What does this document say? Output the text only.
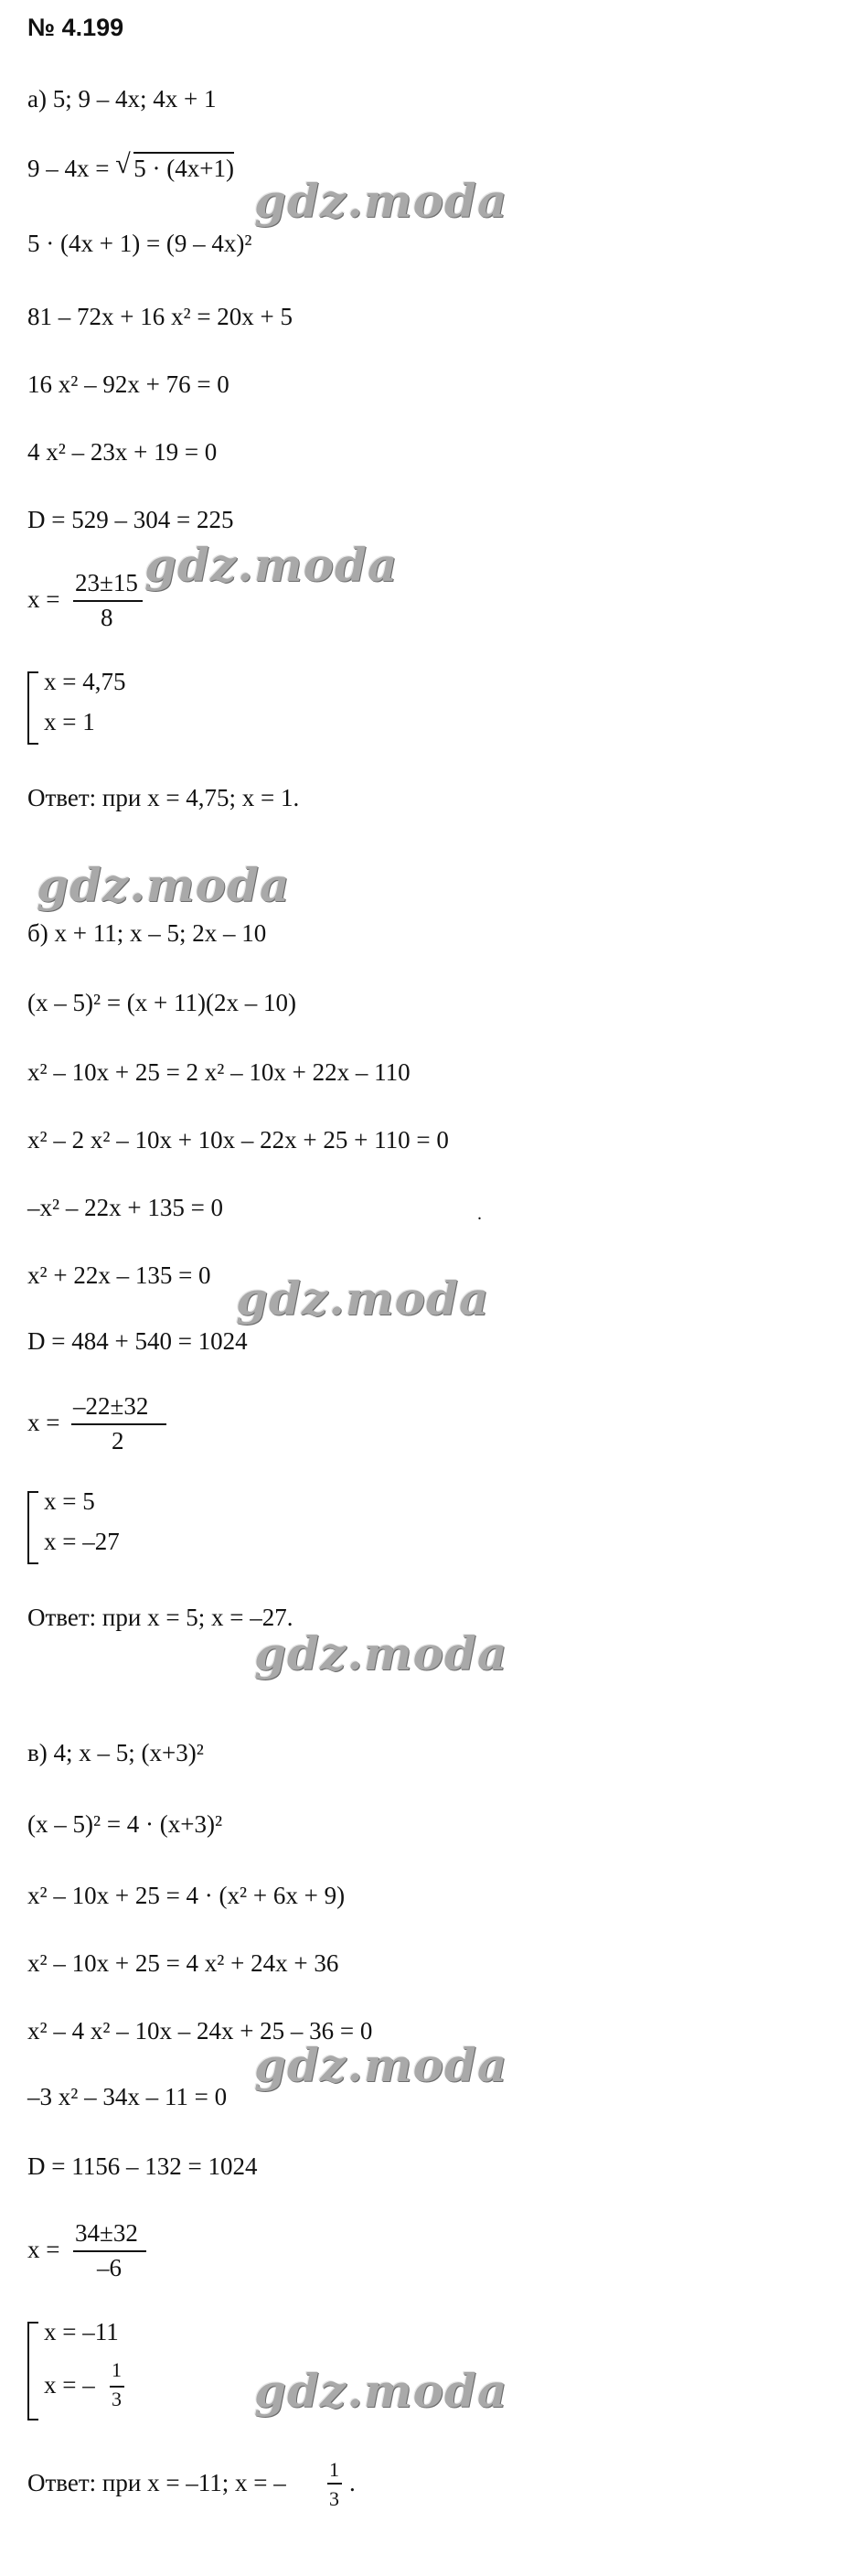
№ 4.199
а) 5; 9 – 4x; 4x + 1
9 – 4x = √ 5 · (4x+1)
5 · (4x + 1) = (9 – 4x)²
81 – 72x + 16 x² = 20x + 5
16 x² – 92x + 76 = 0
4 x² – 23x + 19 = 0
D = 529 – 304 = 225
x =
23±15
8
x = 4,75
x = 1
Ответ: при x = 4,75; x = 1.
б) x + 11; x – 5; 2x – 10
(x – 5)² = (x + 11)(2x – 10)
x² – 10x + 25 = 2 x² – 10x + 22x – 110
x² – 2 x² – 10x + 10x – 22x + 25 + 110 = 0
–x² – 22x + 135 = 0
x² + 22x – 135 = 0
D = 484 + 540 = 1024
x =
–22±32
2
x = 5
x = –27
Ответ: при x = 5; x = –27.
в) 4; x – 5; (x+3)²
(x – 5)² = 4 · (x+3)²
x² – 10x + 25 = 4 · (x² + 6x + 9)
x² – 10x + 25 = 4 x² + 24x + 36
x² – 4 x² – 10x – 24x + 25 – 36 = 0
–3 x² – 34x – 11 = 0
D = 1156 – 132 = 1024
x =
34±32
–6
x = –11
x = –
1
3
Ответ: при x = –11; x = – 1
3
.
.
gdz.moda
gdz.moda
gdz.moda
gdz.moda
gdz.moda
gdz.moda
gdz.moda
